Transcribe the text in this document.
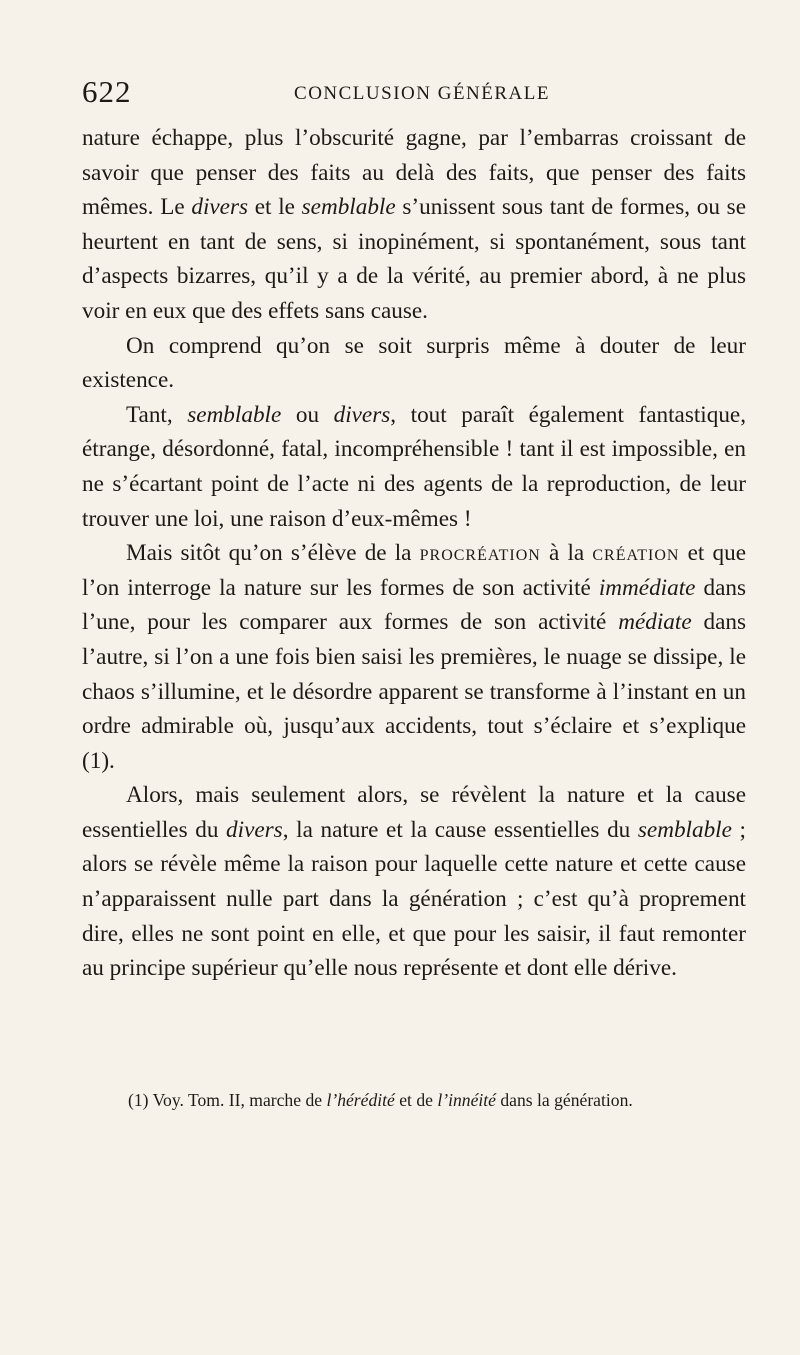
622	CONCLUSION GÉNÉRALE

nature échappe, plus l’obscurité gagne, par l’embarras croissant de savoir que penser des faits au delà des faits, que penser des faits mêmes. Le divers et le semblable s’unissent sous tant de formes, ou se heurtent en tant de sens, si inopinément, si spontanément, sous tant d’aspects bizarres, qu’il y a de la vérité, au premier abord, à ne plus voir en eux que des effets sans cause.

On comprend qu’on se soit surpris même à douter de leur existence.

Tant, semblable ou divers, tout paraît également fantastique, étrange, désordonné, fatal, incompréhensible ! tant il est impossible, en ne s’écartant point de l’acte ni des agents de la reproduction, de leur trouver une loi, une raison d’eux-mêmes !

Mais sitôt qu’on s’élève de la procréation à la création et que l’on interroge la nature sur les formes de son activité immédiate dans l’une, pour les comparer aux formes de son activité médiate dans l’autre, si l’on a une fois bien saisi les premières, le nuage se dissipe, le chaos s’illumine, et le désordre apparent se transforme à l’instant en un ordre admirable où, jusqu’aux accidents, tout s’éclaire et s’explique (1).

Alors, mais seulement alors, se révèlent la nature et la cause essentielles du divers, la nature et la cause essentielles du semblable ; alors se révèle même la raison pour laquelle cette nature et cette cause n’apparaissent nulle part dans la génération ; c’est qu’à proprement dire, elles ne sont point en elle, et que pour les saisir, il faut remonter au principe supérieur qu’elle nous représente et dont elle dérive.

(1) Voy. Tom. II, marche de l’hérédité et de l’innéité dans la génération.
